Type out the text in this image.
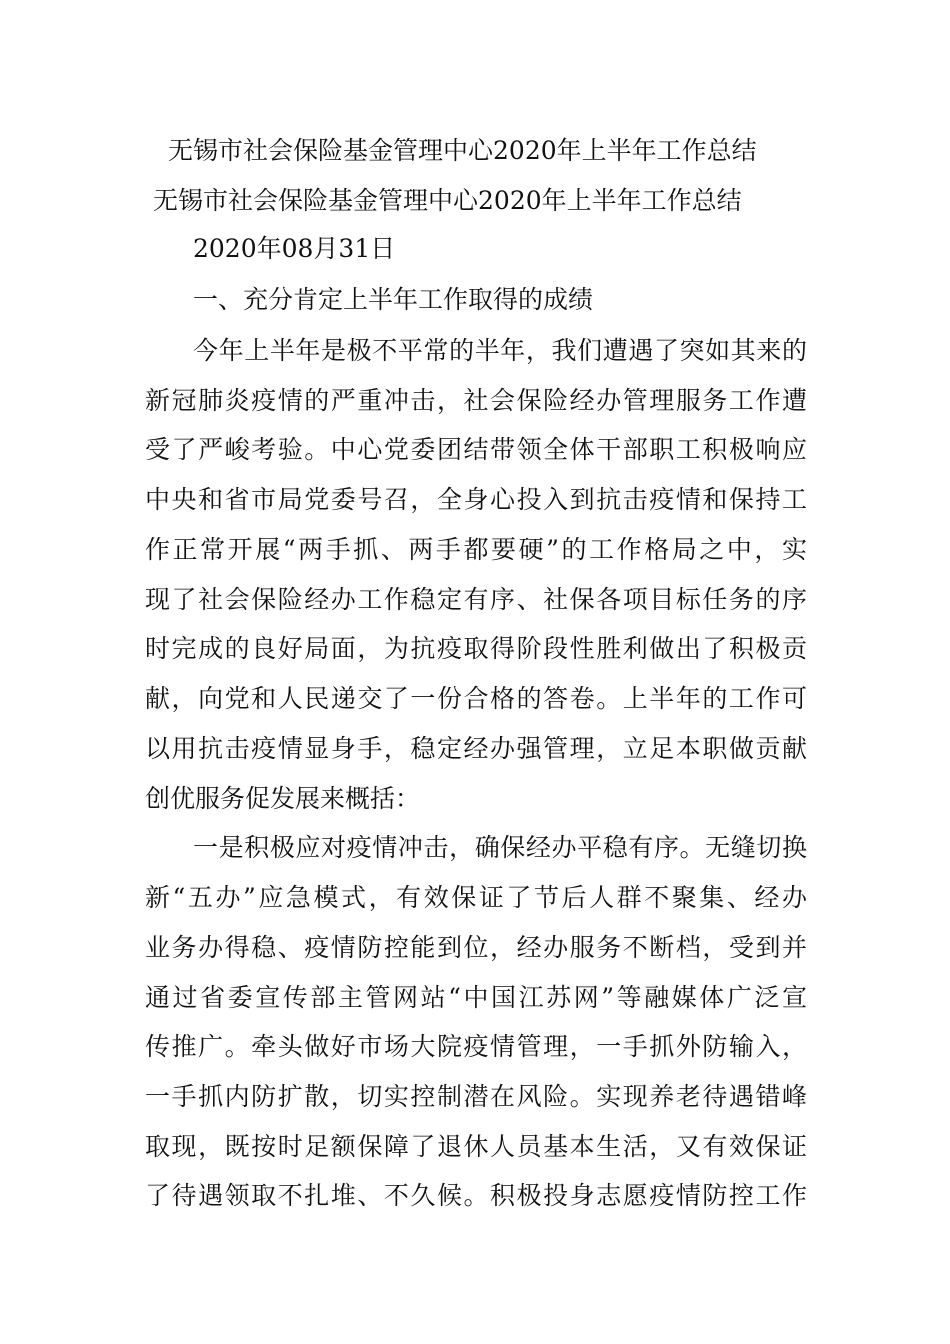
无锡市社会保险基金管理中心2020年上半年工作总结
无锡市社会保险基金管理中心2020年上半年工作总结
2020年08月31日
一、充分肯定上半年工作取得的成绩
今年上半年是极不平常的半年，我们遭遇了突如其来的
新冠肺炎疫情的严重冲击，社会保险经办管理服务工作遭
受了严峻考验。中心党委团结带领全体干部职工积极响应
中央和省市局党委号召，全身心投入到抗击疫情和保持工
作正常开展“两手抓、两手都要硬”的工作格局之中，实
现了社会保险经办工作稳定有序、社保各项目标任务的序
时完成的良好局面，为抗疫取得阶段性胜利做出了积极贡
献，向党和人民递交了一份合格的答卷。上半年的工作可
以用抗击疫情显身手，稳定经办强管理，立足本职做贡献
创优服务促发展来概括：
一是积极应对疫情冲击，确保经办平稳有序。无缝切换
新“五办”应急模式，有效保证了节后人群不聚集、经办
业务办得稳、疫情防控能到位，经办服务不断档，受到并
通过省委宣传部主管网站“中国江苏网”等融媒体广泛宣
传推广。牵头做好市场大院疫情管理，一手抓外防输入，
一手抓内防扩散，切实控制潜在风险。实现养老待遇错峰
取现，既按时足额保障了退休人员基本生活，又有效保证
了待遇领取不扎堆、不久候。积极投身志愿疫情防控工作
